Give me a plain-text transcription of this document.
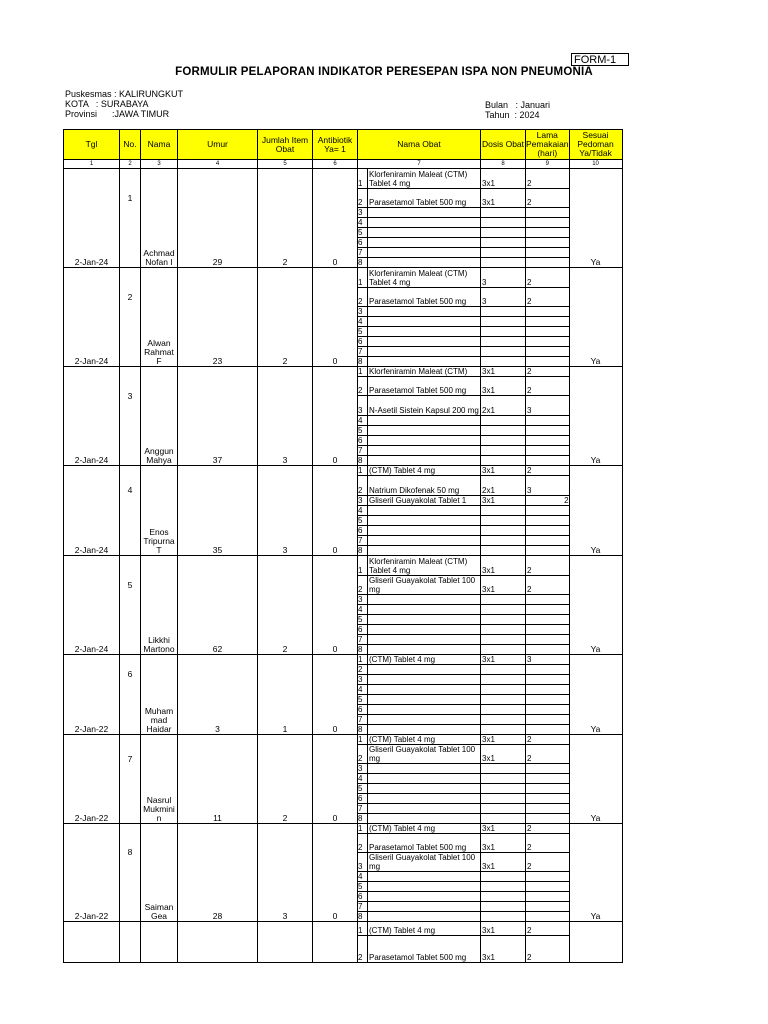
FORM-1
FORMULIR PELAPORAN INDIKATOR PERESEPAN ISPA NON PNEUMONIA
Puskesmas : KALIRUNGKUT
KOTA   : SURABAYA
Provinsi      :JAWA TIMUR
Bulan   : Januari
Tahun  : 2024
Tgl	No.	Nama	Umur	Jumlah Item Obat	Antibiotik Ya= 1	Nama Obat		Dosis Obat	Lama Pemakaian (hari)	Sesuai Pedoman Ya/Tidak
1	2	3	4	5	6	7		8	9	10
2-Jan-24	1	Achmad Nofan I	29	2	0	1	Klorfeniramin Maleat (CTM) Tablet 4 mg	3x1	2	Ya
						2	Parasetamol Tablet 500 mg	3x1	2	
						3				
						4				
						5				
						6				
						7				
						8				
2-Jan-24	2	Alwan Rahmat F	23	2	0	1	Klorfeniramin Maleat (CTM) Tablet 4 mg	3	2	Ya
						2	Parasetamol Tablet 500 mg	3	2	
						3				
						4				
						5				
						6				
						7				
						8				
2-Jan-24	3	Anggun Mahya	37	3	0	1	Klorfeniramin Maleat (CTM)	3x1	2	Ya
						2	Parasetamol Tablet 500 mg	3x1	2	
						3	N-Asetil Sistein Kapsul 200 mg	2x1	3	
						4				
						5				
						6				
						7				
						8				
2-Jan-24	4	Enos Tripurna T	35	3	0	1	(CTM) Tablet 4 mg	3x1	2	Ya
						2	Natrium Dikofenak 50 mg	2x1	3	
						3	Gliseril Guayakolat Tablet 1	3x1	2	
						4				
						5				
						6				
						7				
						8				
2-Jan-24	5	Likkhi Martono	62	2	0	1	Klorfeniramin Maleat (CTM) Tablet 4 mg	3x1	2	Ya
						2	Gliseril Guayakolat Tablet 100 mg	3x1	2	
						3				
						4				
						5				
						6				
						7				
						8				
2-Jan-22	6	Muham mad Haidar	3	1	0	1	(CTM) Tablet 4 mg	3x1	3	Ya
						2				
						3				
						4				
						5				
						6				
						7				
						8				
2-Jan-22	7	Nasrul Mukmini n	11	2	0	1	(CTM) Tablet 4 mg	3x1	2	Ya
						2	Gliseril Guayakolat Tablet 100 mg	3x1	2	
						3				
						4				
						5				
						6				
						7				
						8				
2-Jan-22	8	Saiman Gea	28	3	0	1	(CTM) Tablet 4 mg	3x1	2	Ya
						2	Parasetamol Tablet 500 mg	3x1	2	
						3	Gliseril Guayakolat Tablet 100 mg	3x1	2	
						4				
						5				
						6				
						7				
						8				
						1	(CTM) Tablet 4 mg	3x1	2	
						2	Parasetamol Tablet 500 mg	3x1	2	
